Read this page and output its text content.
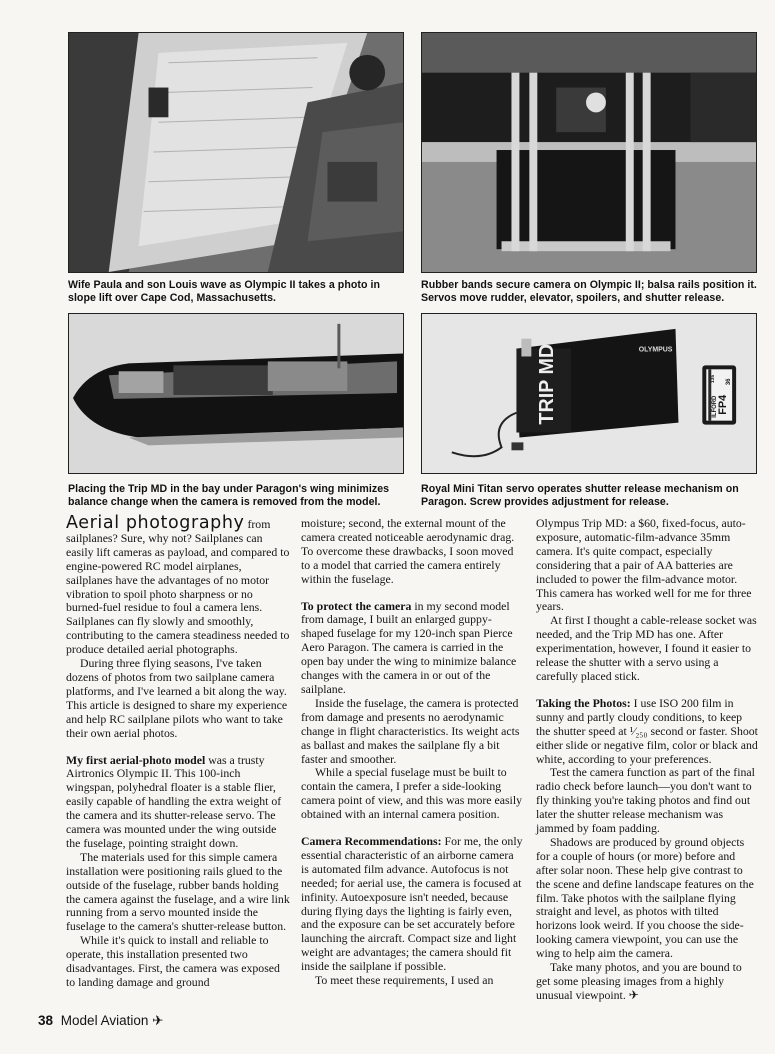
Wife Paula and son Louis wave as Olympic II takes a photo in slope lift over Cape Cod, Massachusetts.
Rubber bands secure camera on Olympic II; balsa rails position it. Servos move rudder, elevator, spoilers, and shutter release.
Placing the Trip MD in the bay under Paragon's wing minimizes balance change when the camera is removed from the model.
TRIP MD	OLYMPUS
ILFORD
FP4
36
135
Royal Mini Titan servo operates shutter release mechanism on Paragon. Screw provides adjustment for release.

Aerial photography from sailplanes? Sure, why not? Sailplanes can easily lift cameras as payload, and compared to engine-powered RC model airplanes, sailplanes have the advantages of no motor vibration to spoil photo sharpness or no burned-fuel residue to foul a camera lens. Sailplanes can fly slowly and smoothly, contributing to the camera steadiness needed to produce detailed aerial photographs.

During three flying seasons, I've taken dozens of photos from two sailplane camera platforms, and I've learned a bit along the way. This article is designed to share my experience and help RC sailplane pilots who want to take their own aerial photos.

My first aerial-photo model was a trusty Airtronics Olympic II. This 100-inch wingspan, polyhedral floater is a stable flier, easily capable of handling the extra weight of the camera and its shutter-release servo. The camera was mounted under the wing outside the fuselage, pointing straight down.

The materials used for this simple camera installation were positioning rails glued to the outside of the fuselage, rubber bands holding the camera against the fuselage, and a wire link running from a servo mounted inside the fuselage to the camera's shutter-release button.

While it's quick to install and reliable to operate, this installation presented two disadvantages. First, the camera was exposed to landing damage and ground

moisture; second, the external mount of the camera created noticeable aerodynamic drag. To overcome these drawbacks, I soon moved to a model that carried the camera entirely within the fuselage.

To protect the camera in my second model from damage, I built an enlarged guppy-shaped fuselage for my 120-inch span Pierce Aero Paragon. The camera is carried in the open bay under the wing to minimize balance changes with the camera in or out of the sailplane.

Inside the fuselage, the camera is protected from damage and presents no aerodynamic change in flight characteristics. Its weight acts as ballast and makes the sailplane fly a bit faster and smoother.

While a special fuselage must be built to contain the camera, I prefer a side-looking camera point of view, and this was more easily obtained with an internal camera position.

Camera Recommendations: For me, the only essential characteristic of an airborne camera is automated film advance. Autofocus is not needed; for aerial use, the camera is focused at infinity. Autoexposure isn't needed, because during flying days the lighting is fairly even, and the exposure can be set accurately before launching the aircraft. Compact size and light weight are advantages; the camera should fit inside the sailplane if possible.

To meet these requirements, I used an

Olympus Trip MD: a $60, fixed-focus, auto-exposure, automatic-film-advance 35mm camera. It's quite compact, especially considering that a pair of AA batteries are included to power the film-advance motor. This camera has worked well for me for three years.

At first I thought a cable-release socket was needed, and the Trip MD has one. After experimentation, however, I found it easier to release the shutter with a servo using a carefully placed stick.

Taking the Photos: I use ISO 200 film in sunny and partly cloudy conditions, to keep the shutter speed at ¹⁄₂₅₀ second or faster. Shoot either slide or negative film, color or black and white, according to your preferences.

Test the camera function as part of the final radio check before launch—you don't want to fly thinking you're taking photos and find out later the shutter release mechanism was jammed by foam padding.

Shadows are produced by ground objects for a couple of hours (or more) before and after solar noon. These help give contrast to the scene and define landscape features on the film. Take photos with the sailplane flying straight and level, as photos with tilted horizons look weird. If you choose the side-looking camera viewpoint, you can use the wing to help aim the camera.

Take many photos, and you are bound to get some pleasing images from a highly unusual viewpoint. ✈

38 Model Aviation ✈
